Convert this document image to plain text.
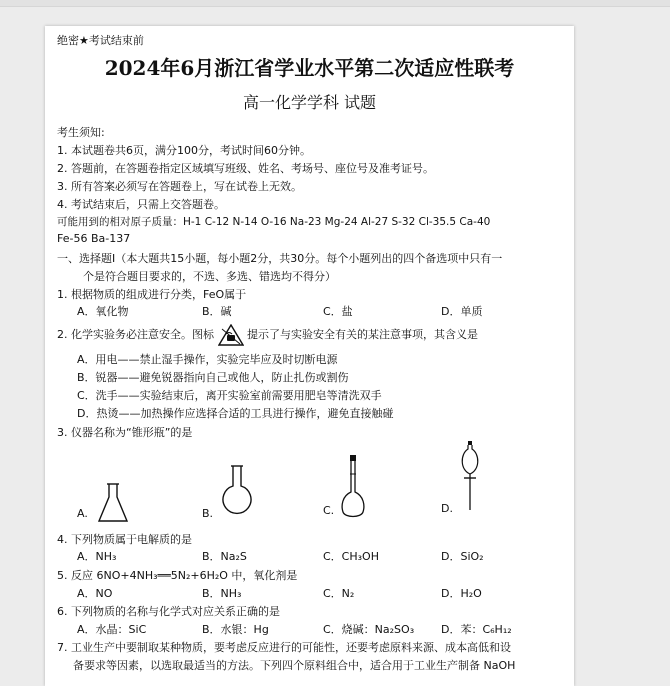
绝密★考试结束前
2024年6月浙江省学业水平第二次适应性联考
高一化学学科 试题
考生须知:
1. 本试题卷共6页，满分100分，考试时间60分钟。
2. 答题前，在答题卷指定区域填写班级、姓名、考场号、座位号及准考证号。
3. 所有答案必须写在答题卷上，写在试卷上无效。
4. 考试结束后，只需上交答题卷。
可能用到的相对原子质量：H-1 C-12 N-14 O-16 Na-23 Mg-24 Al-27 S-32 Cl-35.5 Ca-40
Fe-56 Ba-137
一、选择题Ⅰ（本大题共15小题，每小题2分，共30分。每个小题列出的四个备选项中只有一
个是符合题目要求的，不选、多选、错选均不得分）
1. 根据物质的组成进行分类，FeO属于
A．氧化物	B．碱	C．盐	D．单质
2. 化学实验务必注意安全。图标	提示了与实验安全有关的某注意事项，其含义是
A．用电——禁止湿手操作，实验完毕应及时切断电源
B．锐器——避免锐器指向自己或他人，防止扎伤或割伤
C．洗手——实验结束后，离开实验室前需要用肥皂等清洗双手
D．热烫——加热操作应选择合适的工具进行操作，避免直接触碰
3. 仪器名称为“锥形瓶”的是
A.	B.	C.	D.
4. 下列物质属于电解质的是
A．NH₃	B．Na₂S	C．CH₃OH	D．SiO₂
5. 反应 6NO+4NH₃══5N₂+6H₂O 中，氧化剂是
A．NO	B．NH₃	C．N₂	D．H₂O
6. 下列物质的名称与化学式对应关系正确的是
A．水晶：SiC	B．水银：Hg	C．烧碱：Na₂SO₃ D．苯：C₆H₁₂
7. 工业生产中要制取某种物质，要考虑反应进行的可能性，还要考虑原料来源、成本高低和设
备要求等因素，以选取最适当的方法。下列四个原料组合中，适合用于工业生产制备 NaOH
